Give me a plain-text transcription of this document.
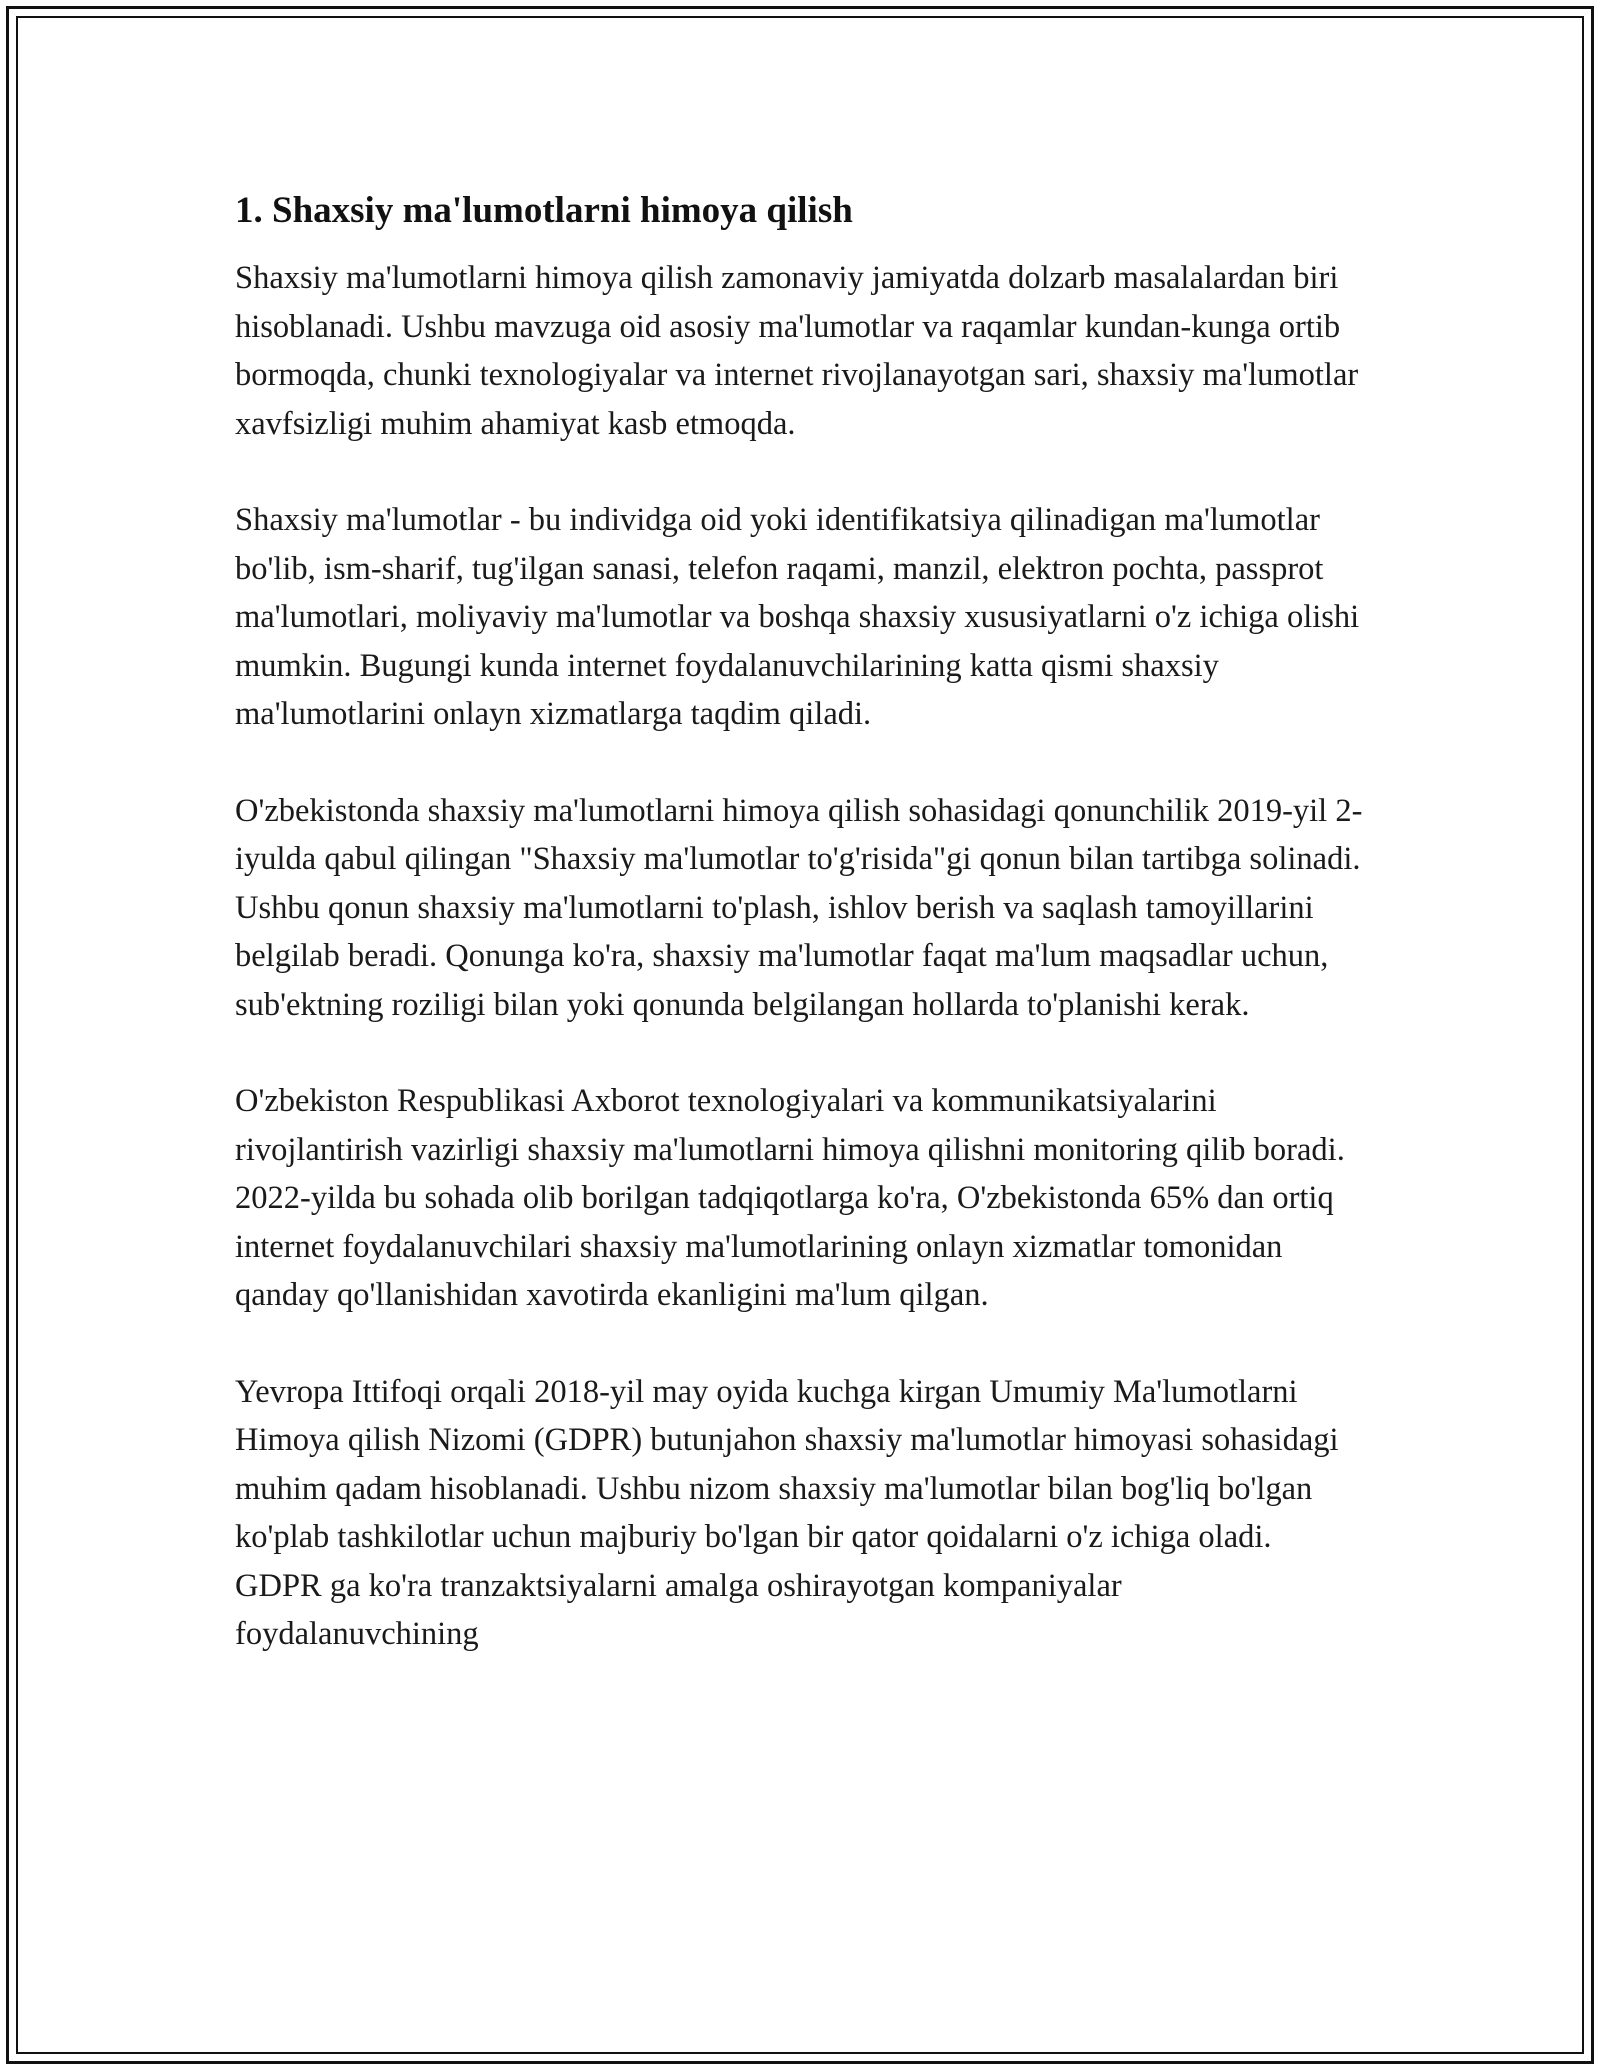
1. Shaxsiy ma'lumotlarni himoya qilish

Shaxsiy ma'lumotlarni himoya qilish zamonaviy jamiyatda dolzarb masalalardan biri hisoblanadi. Ushbu mavzuga oid asosiy ma'lumotlar va raqamlar kundan-kunga ortib bormoqda, chunki texnologiyalar va internet rivojlanayotgan sari, shaxsiy ma'lumotlar xavfsizligi muhim ahamiyat kasb etmoqda.

Shaxsiy ma'lumotlar - bu individga oid yoki identifikatsiya qilinadigan ma'lumotlar bo'lib, ism-sharif, tug'ilgan sanasi, telefon raqami, manzil, elektron pochta, passprot ma'lumotlari, moliyaviy ma'lumotlar va boshqa shaxsiy xususiyatlarni o'z ichiga olishi mumkin. Bugungi kunda internet foydalanuvchilarining katta qismi shaxsiy ma'lumotlarini onlayn xizmatlarga taqdim qiladi.

O'zbekistonda shaxsiy ma'lumotlarni himoya qilish sohasidagi qonunchilik 2019-yil 2-iyulda qabul qilingan "Shaxsiy ma'lumotlar to'g'risida"gi qonun bilan tartibga solinadi. Ushbu qonun shaxsiy ma'lumotlarni to'plash, ishlov berish va saqlash tamoyillarini belgilab beradi. Qonunga ko'ra, shaxsiy ma'lumotlar faqat ma'lum maqsadlar uchun, sub'ektning roziligi bilan yoki qonunda belgilangan hollarda to'planishi kerak.

O'zbekiston Respublikasi Axborot texnologiyalari va kommunikatsiyalarini rivojlantirish vazirligi shaxsiy ma'lumotlarni himoya qilishni monitoring qilib boradi. 2022-yilda bu sohada olib borilgan tadqiqotlarga ko'ra, O'zbekistonda 65% dan ortiq internet foydalanuvchilari shaxsiy ma'lumotlarining onlayn xizmatlar tomonidan qanday qo'llanishidan xavotirda ekanligini ma'lum qilgan.

Yevropa Ittifoqi orqali 2018-yil may oyida kuchga kirgan Umumiy Ma'lumotlarni Himoya qilish Nizomi (GDPR) butunjahon shaxsiy ma'lumotlar himoyasi sohasidagi muhim qadam hisoblanadi. Ushbu nizom shaxsiy ma'lumotlar bilan bog'liq bo'lgan ko'plab tashkilotlar uchun majburiy bo'lgan bir qator qoidalarni o'z ichiga oladi. GDPR ga ko'ra tranzaktsiyalarni amalga oshirayotgan kompaniyalar foydalanuvchining
